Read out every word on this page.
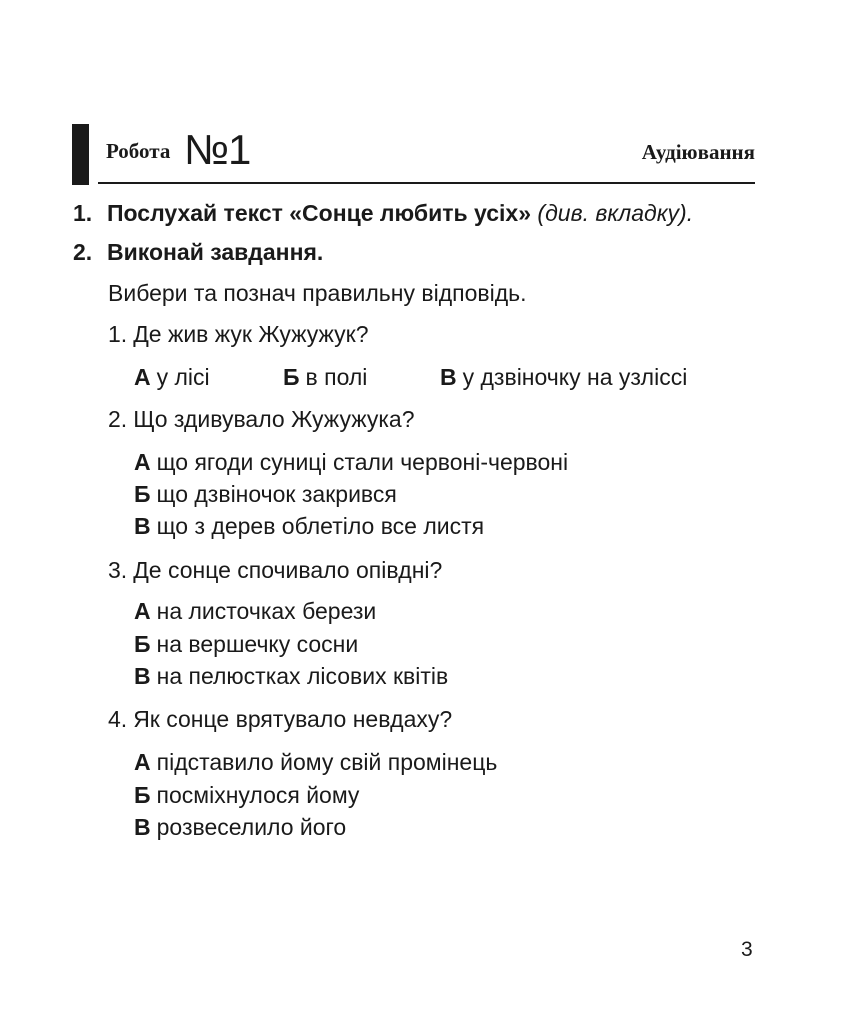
Робота №1	Аудіювання
1. Послухай текст «Сонце любить усіх» (див. вкладку).
2. Виконай завдання.
Вибери та познач правильну відповідь.
1. Де жив жук Жужужук?
А у лісі	Б в полі	В у дзвіночку на узліссі
2. Що здивувало Жужужука?
А що ягоди суниці стали червоні-червоні
Б що дзвіночок закрився
В що з дерев облетіло все листя
3. Де сонце спочивало опівдні?
А на листочках берези
Б на вершечку сосни
В на пелюстках лісових квітів
4. Як сонце врятувало невдаху?
А підставило йому свій промінець
Б посміхнулося йому
В розвеселило його
3
